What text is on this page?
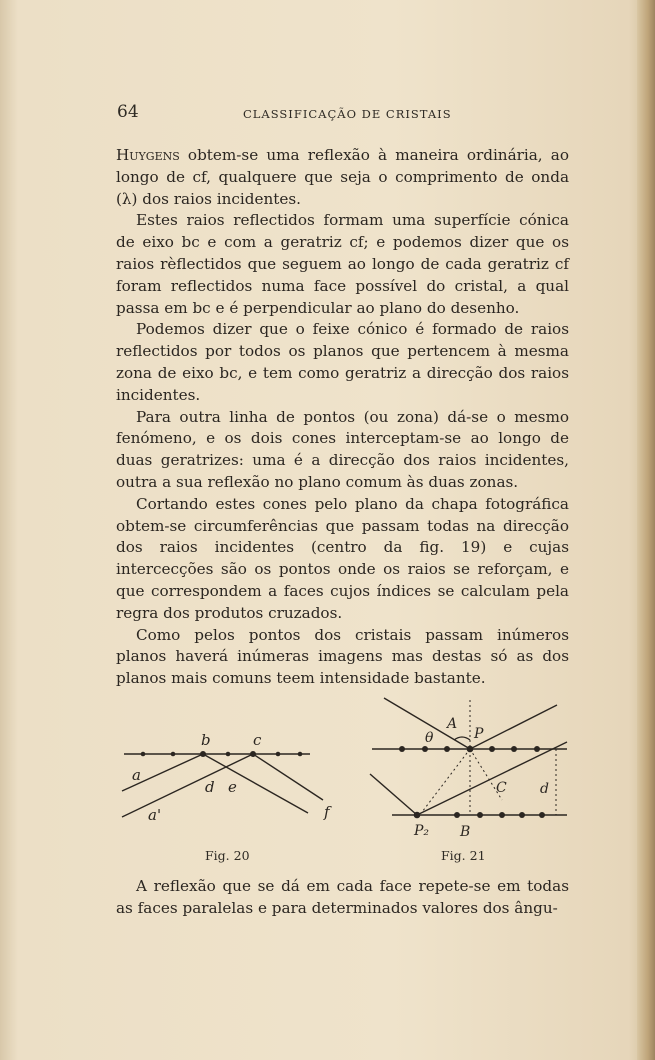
64	CLASSIFICAÇÃO DE CRISTAIS

Huygens obtem-se uma reflexão à maneira ordinária, ao longo de cf, qualquere que seja o comprimento de onda (λ) dos raios incidentes.

Estes raios reflectidos formam uma superfície cónica de eixo bc e com a geratriz cf; e podemos dizer que os raios rèflectidos que seguem ao longo de cada geratriz cf foram reflectidos numa face possível do cristal, a qual passa em bc e é perpendicular ao plano do desenho.

Podemos dizer que o feixe cónico é formado de raios reflectidos por todos os planos que pertencem à mesma zona de eixo bc, e tem como geratriz a direcção dos raios incidentes.

Para outra linha de pontos (ou zona) dá-se o mesmo fenómeno, e os dois cones interceptam-se ao longo de duas geratrizes: uma é a direcção dos raios incidentes, outra a sua reflexão no plano comum às duas zonas.

Cortando estes cones pelo plano da chapa fotográfica obtem-se circumferências que passam todas na direcção dos raios incidentes (centro da fig. 19) e cujas intercecções são os pontos onde os raios se reforçam, e que correspondem a faces cujos índices se calculam pela regra dos produtos cruzados.

Como pelos pontos dos cristais passam inúmeros planos haverá inúmeras imagens mas destas só as dos planos mais comuns teem intensidade bastante.

b	c
a
d e
a'	f
Fig. 20
A
θ	P
C d
P₂ B
Fig. 21

A reflexão que se dá em cada face repete-se em todas as faces paralelas e para determinados valores dos ângu-
